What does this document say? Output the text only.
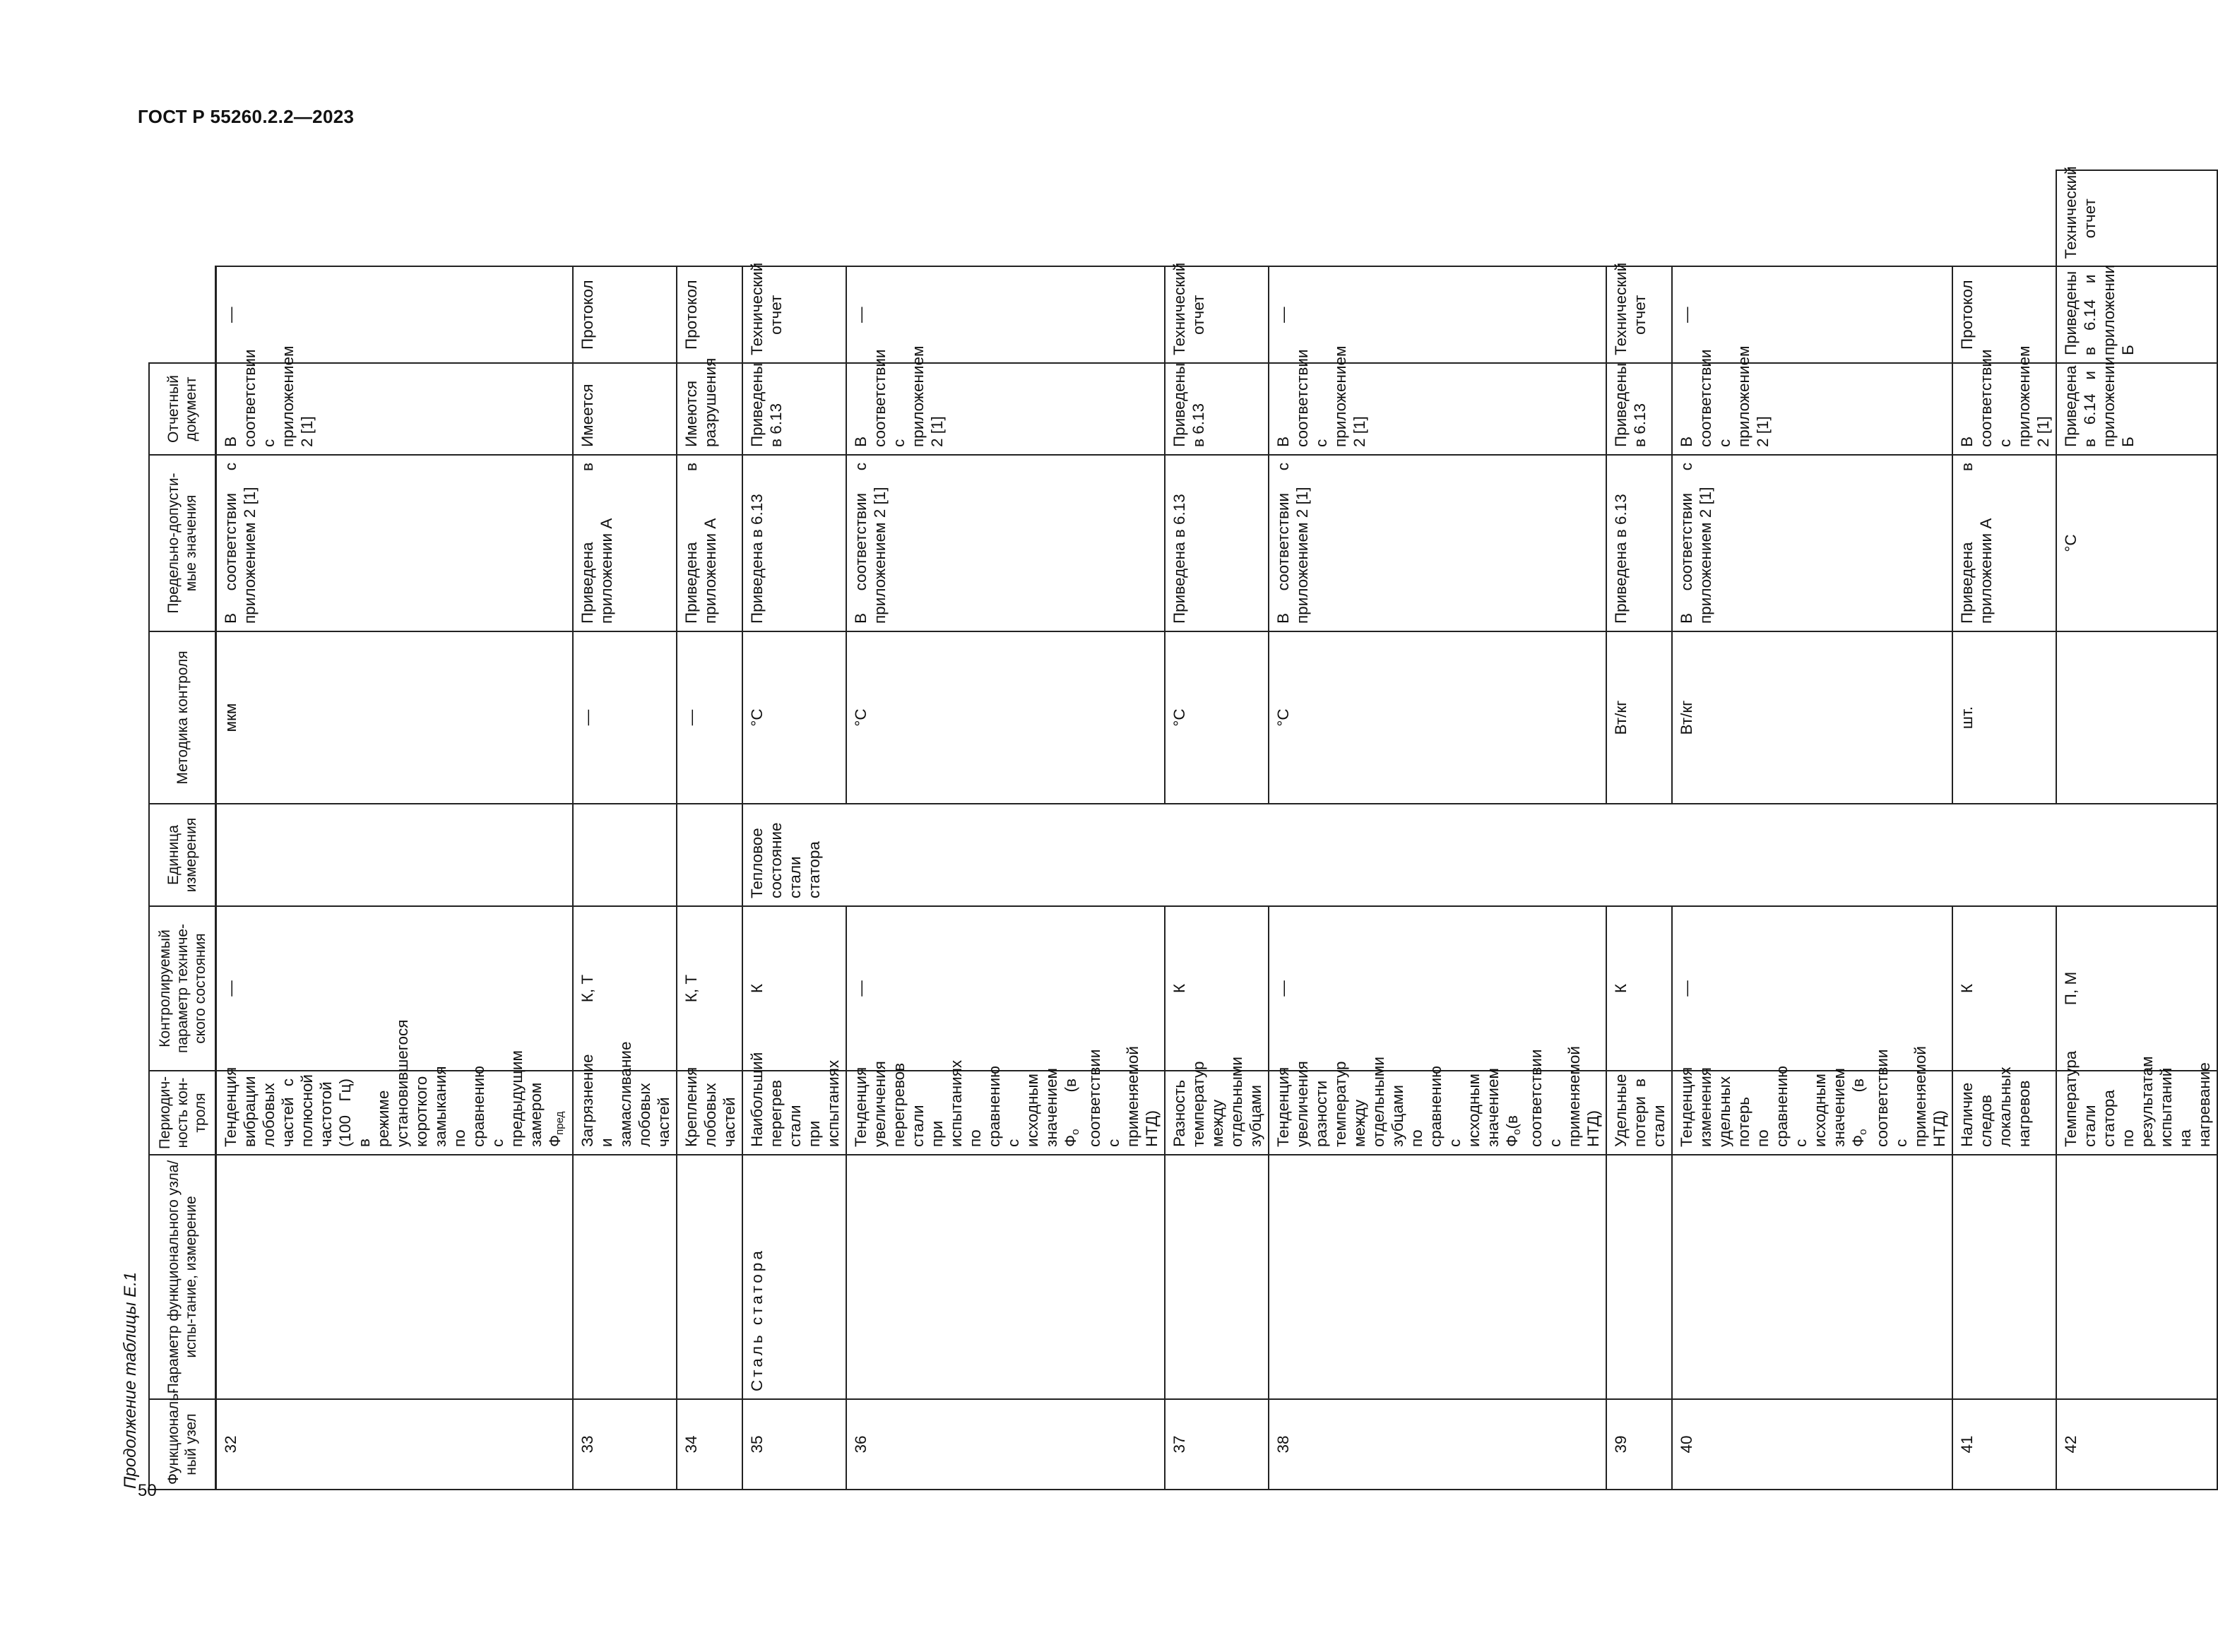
ГОСТ Р 55260.2.2—2023
Продолжение таблицы Е.1	Функциональ-ный узел	Параметр функционального узла/испы-тание, измерение	Периодич-ность кон-троля	Контролируемый параметр техниче-ского состояния	Единица измерения	Методика контроля	Предельно-допусти-мые значения	Отчетный документ		
32		Тенденция вибрации лобовых частей с полюсной частотой (100 Гц) в режиме установившегося короткого замыкания по сравнению с предыдущим замером $Ф_{пред}$	—		мкм	В соответствии с приложением 2 [1]	В соответствии с приложением 2 [1]	—	
33		Загрязнение и замасливание лобовых частей	К, Т		—	Приведена в приложении А	Имеется	Протокол	
34		Крепления лобовых частей	К, Т		—	Приведена в приложении А	Имеются разрушения	Протокол	
35	Сталь статора	Наибольший перегрев стали при испытаниях	К	Тепловое состояние стали статора	°С	Приведена в 6.13	Приведены в 6.13	Технический отчет	
36		Тенденция увеличения перегревов стали при испытаниях по сравнению с исходным значением $Ф_о$ (в соответствии с применяемой НТД)	—		°С	В соответствии с приложением 2 [1]	В соответствии с приложением 2 [1]	—	
37		Разность температур между отдельными зубцами	К		°С	Приведена в 6.13	Приведены в 6.13	Технический отчет	
38		Тенденция увеличения разности температур между отдельными зубцами по сравнению с исходным значением $Ф_о(в$ соответствии с применяемой НТД)	—		°С	В соответствии с приложением 2 [1]	В соответствии с приложением 2 [1]	—	
39		Удельные потери в стали	К		Вт/кг	Приведена в 6.13	Приведены в 6.13	Технический отчет	
40		Тенденция изменения удельных потерь по сравнению с исходным значением $Ф_о$ (в соответствии с применяемой НТД)	—		Вт/кг	В соответствии с приложением 2 [1]	В соответствии с приложением 2 [1]	—	
41		Наличие следов локальных нагревов	К		шт.	Приведена в приложении А	В соответствии с приложением 2 [1]	Протокол	
42		Температура стали статора по результатам испытаний на нагревание	П, М			°С	Приведена в 6.14 и приложении Б	Приведены в 6.14 и приложении Б	Технический отчет
50
